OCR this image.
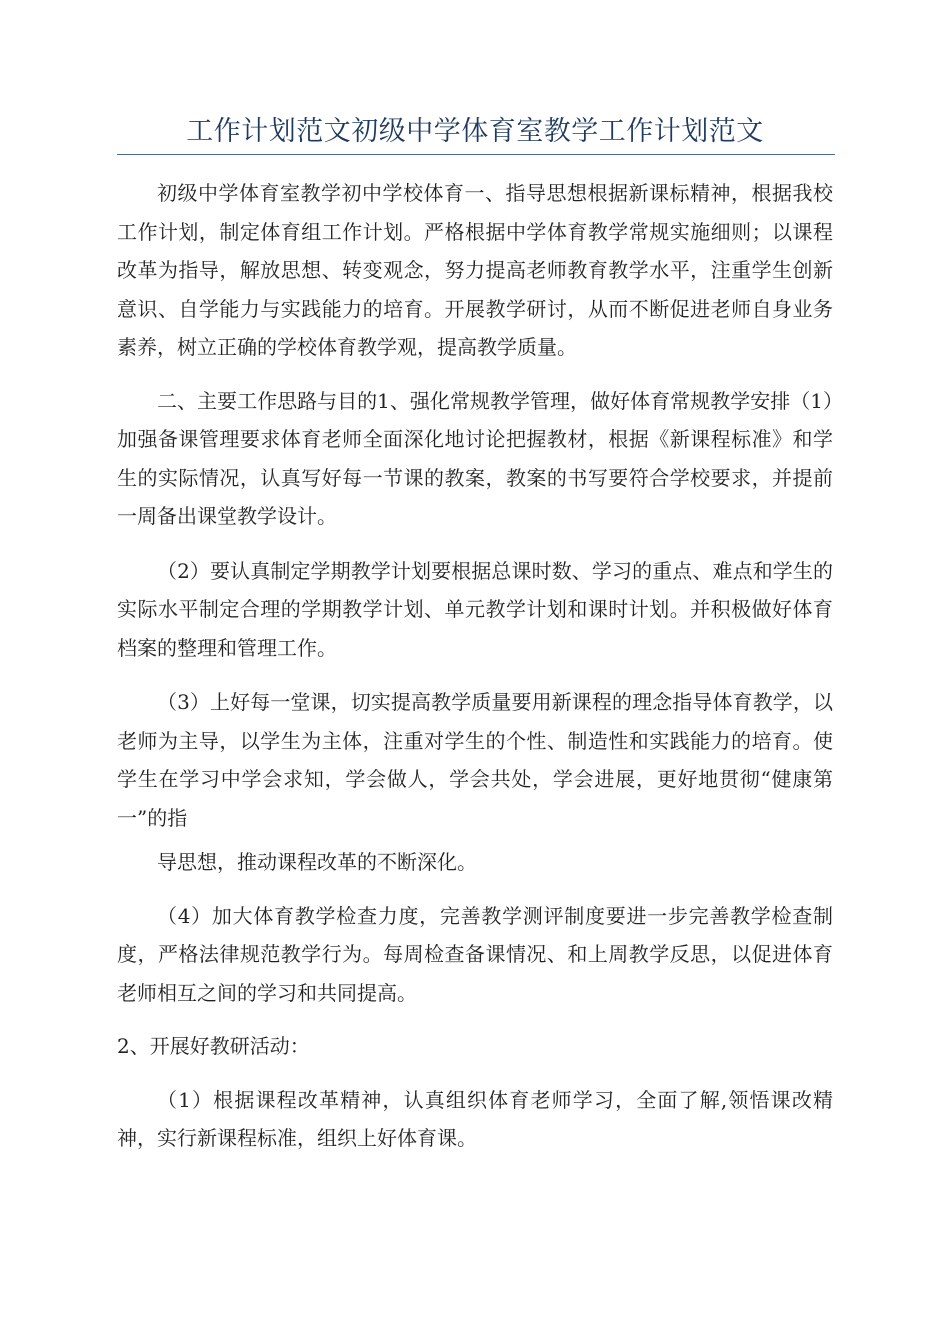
工作计划范文初级中学体育室教学工作计划范文

初级中学体育室教学初中学校体育一、指导思想根据新课标精神，根据我校工作计划，制定体育组工作计划。严格根据中学体育教学常规实施细则；以课程改革为指导，解放思想、转变观念，努力提高老师教育教学水平，注重学生创新意识、自学能力与实践能力的培育。开展教学研讨，从而不断促进老师自身业务素养，树立正确的学校体育教学观，提高教学质量。

二、主要工作思路与目的1、强化常规教学管理，做好体育常规教学安排（1）加强备课管理要求体育老师全面深化地讨论把握教材，根据《新课程标准》和学生的实际情况，认真写好每一节课的教案，教案的书写要符合学校要求，并提前一周备出课堂教学设计。

（2）要认真制定学期教学计划要根据总课时数、学习的重点、难点和学生的实际水平制定合理的学期教学计划、单元教学计划和课时计划。并积极做好体育档案的整理和管理工作。

（3）上好每一堂课，切实提高教学质量要用新课程的理念指导体育教学，以老师为主导，以学生为主体，注重对学生的个性、制造性和实践能力的培育。使学生在学习中学会求知，学会做人，学会共处，学会进展，更好地贯彻“健康第一”的指

导思想，推动课程改革的不断深化。

（4）加大体育教学检查力度，完善教学测评制度要进一步完善教学检查制度，严格法律规范教学行为。每周检查备课情况、和上周教学反思，以促进体育老师相互之间的学习和共同提高。

2、开展好教研活动：

（1）根据课程改革精神，认真组织体育老师学习，全面了解,领悟课改精神，实行新课程标准，组织上好体育课。
